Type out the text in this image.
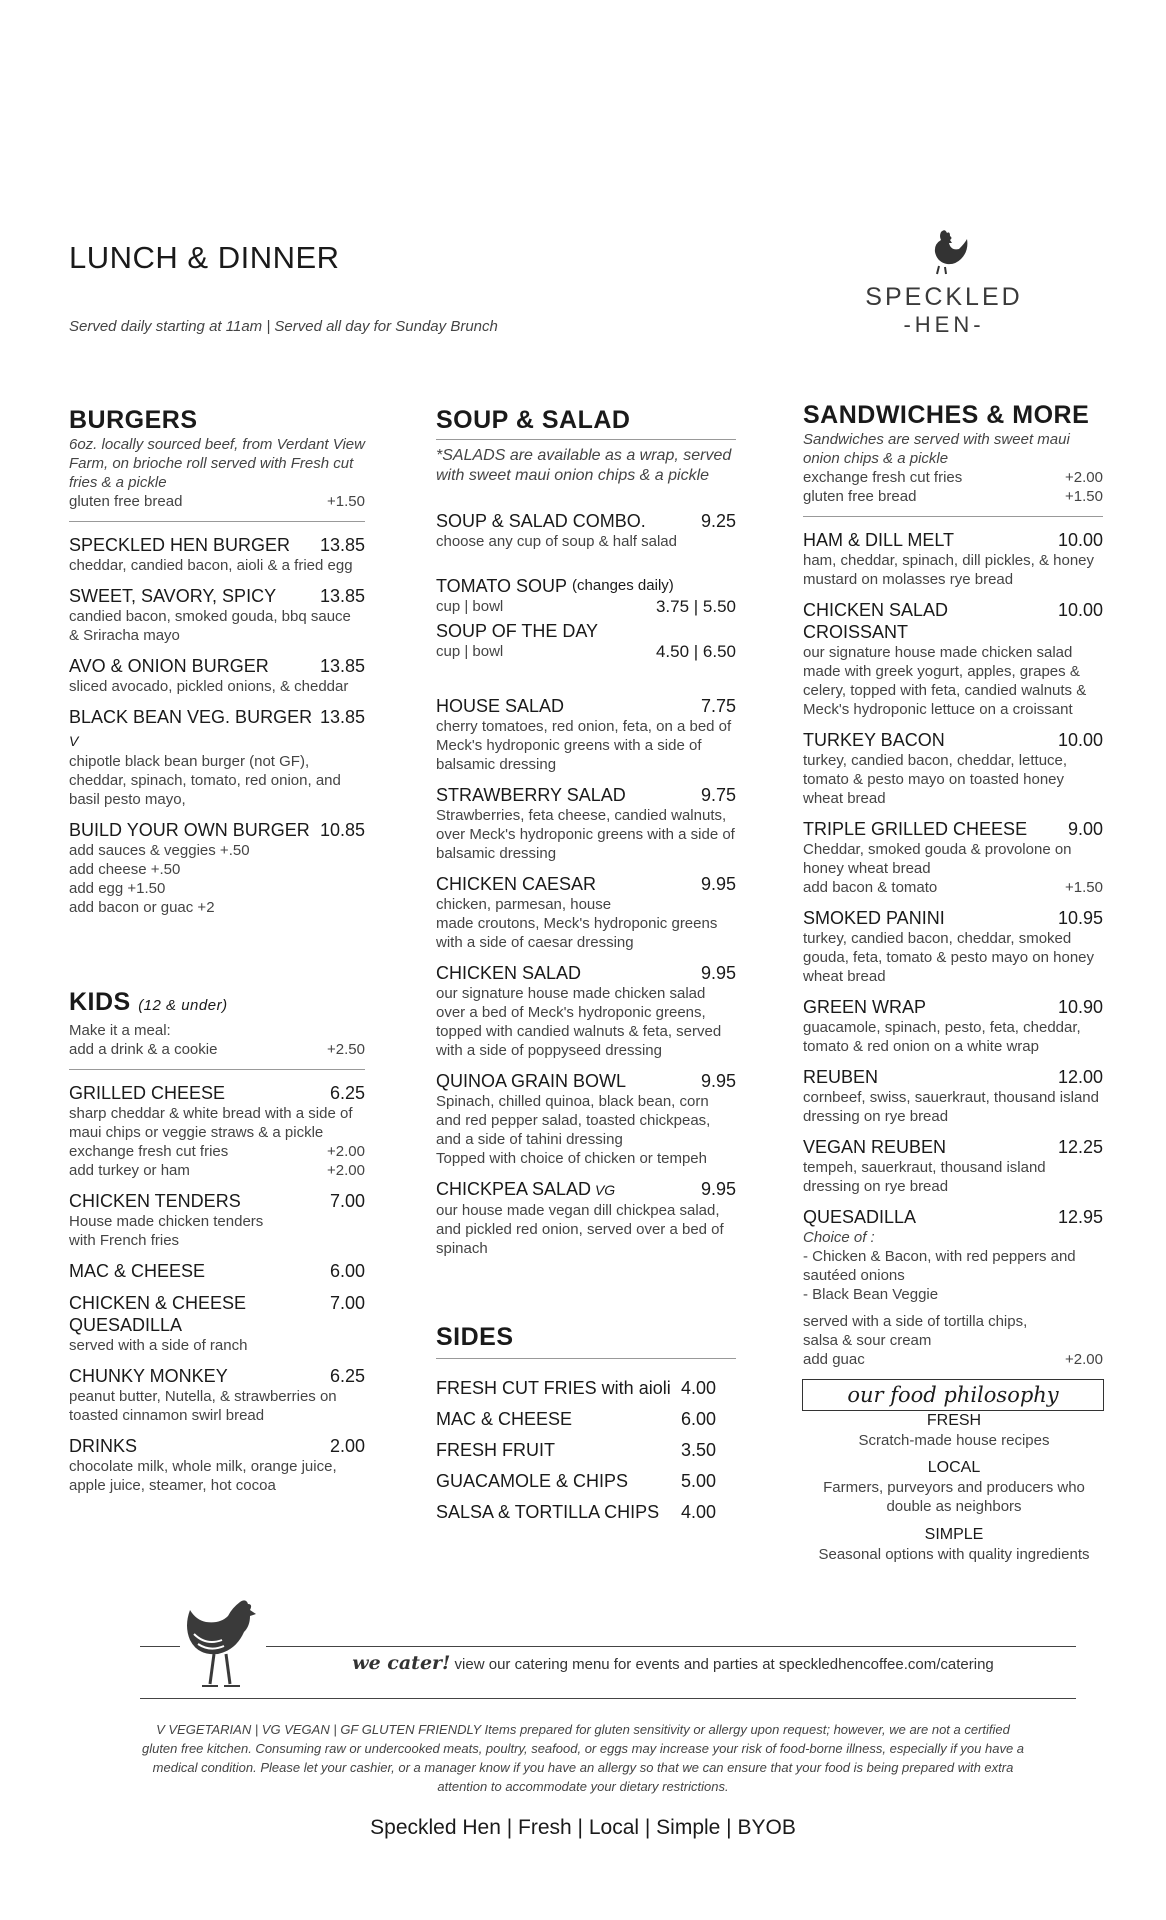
LUNCH & DINNER
Served daily starting at 11am | Served all day for Sunday Brunch
SPECKLED
-HEN-
BURGERS
6oz. locally sourced beef, from Verdant View Farm, on brioche roll served with Fresh cut fries & a pickle
gluten free bread	+1.50
SPECKLED HEN BURGER 13.85
cheddar, candied bacon, aioli & a fried egg
SWEET, SAVORY, SPICY 13.85
candied bacon, smoked gouda, bbq sauce & Sriracha mayo
AVO & ONION BURGER	13.85
sliced avocado, pickled onions, & cheddar
BLACK BEAN VEG. BURGER V
13.85
chipotle black bean burger (not GF), cheddar, spinach, tomato, red onion, and basil pesto mayo,
BUILD YOUR OWN BURGER 10.85
add sauces & veggies +.50
add cheese +.50
add egg +1.50
add bacon or guac +2
KIDS (12 & under)
Make it a meal:
add a drink & a cookie	+2.50
GRILLED CHEESE	6.25
sharp cheddar & white bread with a side of maui chips or veggie straws & a pickle
exchange fresh cut fries	+2.00
add turkey or ham	+2.00
CHICKEN TENDERS	7.00
House made chicken tenders
with French fries
MAC & CHEESE	6.00
CHICKEN & CHEESE QUESADILLA
7.00
served with a side of ranch
CHUNKY MONKEY	6.25
peanut butter, Nutella, & strawberries on toasted cinnamon swirl bread
DRINKS	2.00
chocolate milk, whole milk, orange juice, apple juice, steamer, hot cocoa
SOUP & SALAD
*SALADS are available as a wrap, served with sweet maui onion chips & a pickle
SOUP & SALAD COMBO.	9.25
choose any cup of soup & half salad
TOMATO SOUP
(changes daily)
cup | bowl	3.75 | 5.50
SOUP OF THE DAY
cup | bowl	4.50 | 6.50
HOUSE SALAD	7.75
cherry tomatoes, red onion, feta, on a bed of Meck's hydroponic greens with a side of balsamic dressing
STRAWBERRY SALAD	9.75
Strawberries, feta cheese, candied walnuts, over Meck's hydroponic greens with a side of balsamic dressing
CHICKEN CAESAR	9.95
chicken, parmesan, house
made croutons, Meck's hydroponic greens with a side of caesar dressing
CHICKEN SALAD	9.95
our signature house made chicken salad over a bed of Meck's hydroponic greens, topped with candied walnuts & feta, served with a side of poppyseed dressing
QUINOA GRAIN BOWL	9.95
Spinach, chilled quinoa, black bean, corn and red pepper salad, toasted chickpeas, and a side of tahini dressing
Topped with choice of chicken or tempeh
CHICKPEA SALAD VG	9.95
our house made vegan dill chickpea salad, and pickled red onion, served over a bed of spinach
SIDES
FRESH CUT FRIES with aioli 4.00
MAC & CHEESE	6.00
FRESH FRUIT	3.50
GUACAMOLE & CHIPS	5.00
SALSA & TORTILLA CHIPS 4.00
SANDWICHES & MORE
Sandwiches are served with sweet maui onion chips & a pickle
exchange fresh cut fries	+2.00
gluten free bread	+1.50
HAM & DILL MELT	10.00
ham, cheddar, spinach, dill pickles, & honey mustard on molasses rye bread
CHICKEN SALAD CROISSANT
10.00
our signature house made chicken salad made with greek yogurt, apples, grapes & celery, topped with feta, candied walnuts & Meck's hydroponic lettuce on a croissant
TURKEY BACON	10.00
turkey, candied bacon, cheddar, lettuce, tomato & pesto mayo on toasted honey wheat bread
TRIPLE GRILLED CHEESE 9.00
Cheddar, smoked gouda & provolone on honey wheat bread
add bacon & tomato	+1.50
SMOKED PANINI	10.95
turkey, candied bacon, cheddar, smoked gouda, feta, tomato & pesto mayo on honey wheat bread
GREEN WRAP	10.90
guacamole, spinach, pesto, feta, cheddar, tomato & red onion on a white wrap
REUBEN	12.00
cornbeef, swiss, sauerkraut, thousand island dressing on rye bread
VEGAN REUBEN	12.25
tempeh, sauerkraut, thousand island dressing on rye bread
QUESADILLA	12.95
Choice of :
- Chicken & Bacon, with red peppers and
sautéed onions
- Black Bean Veggie
served with a side of tortilla chips,
salsa & sour cream
add guac	+2.00
our food philosophy
FRESH
Scratch-made house recipes
LOCAL
Farmers, purveyors and producers who double as neighbors
SIMPLE
Seasonal options with quality ingredients
we cater! view our catering menu for events and parties at speckledhencoffee.com/catering
V VEGETARIAN | VG VEGAN | GF GLUTEN FRIENDLY Items prepared for gluten sensitivity or allergy upon request; however, we are not a certified gluten free kitchen. Consuming raw or undercooked meats, poultry, seafood, or eggs may increase your risk of food-borne illness, especially if you have a medical condition. Please let your cashier, or a manager know if you have an allergy so that we can ensure that your food is being prepared with extra attention to accommodate your dietary restrictions.
Speckled Hen | Fresh | Local | Simple | BYOB
